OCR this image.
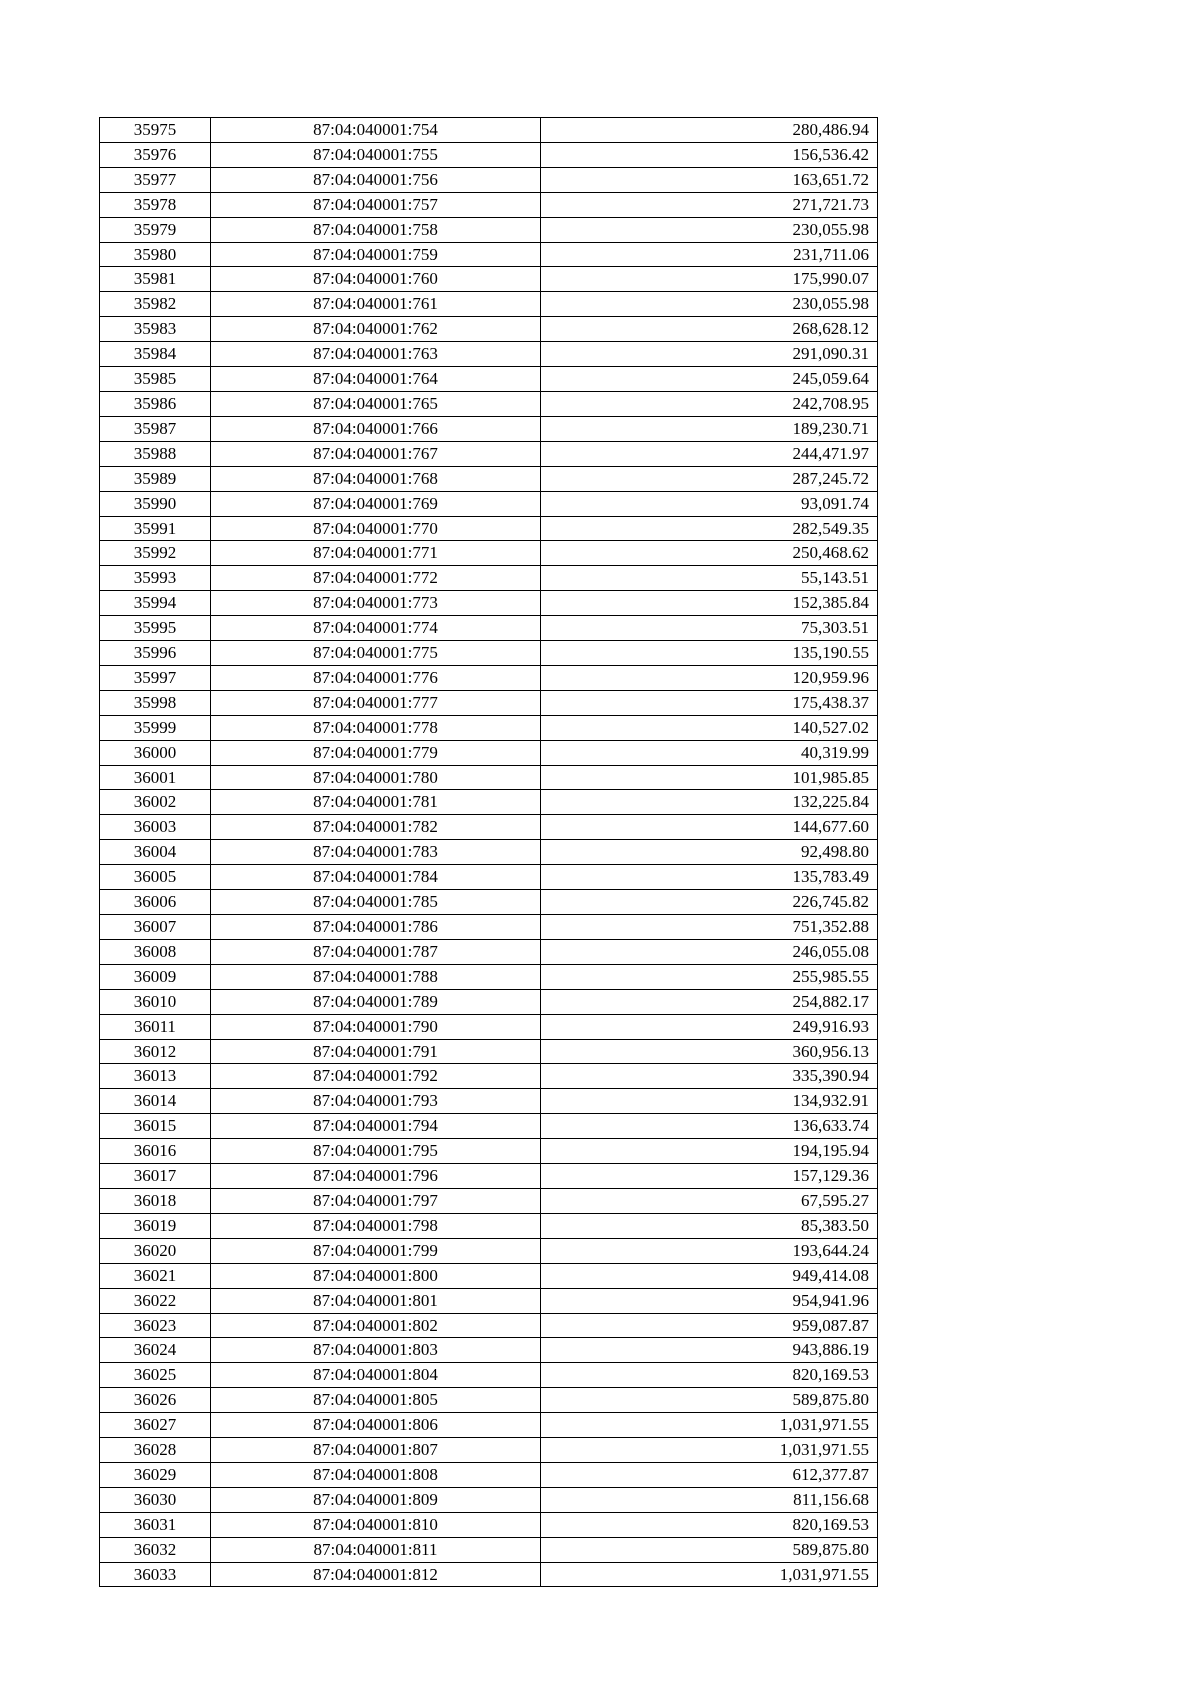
35975	87:04:040001:754	280,486.94
35976	87:04:040001:755	156,536.42
35977	87:04:040001:756	163,651.72
35978	87:04:040001:757	271,721.73
35979	87:04:040001:758	230,055.98
35980	87:04:040001:759	231,711.06
35981	87:04:040001:760	175,990.07
35982	87:04:040001:761	230,055.98
35983	87:04:040001:762	268,628.12
35984	87:04:040001:763	291,090.31
35985	87:04:040001:764	245,059.64
35986	87:04:040001:765	242,708.95
35987	87:04:040001:766	189,230.71
35988	87:04:040001:767	244,471.97
35989	87:04:040001:768	287,245.72
35990	87:04:040001:769	93,091.74
35991	87:04:040001:770	282,549.35
35992	87:04:040001:771	250,468.62
35993	87:04:040001:772	55,143.51
35994	87:04:040001:773	152,385.84
35995	87:04:040001:774	75,303.51
35996	87:04:040001:775	135,190.55
35997	87:04:040001:776	120,959.96
35998	87:04:040001:777	175,438.37
35999	87:04:040001:778	140,527.02
36000	87:04:040001:779	40,319.99
36001	87:04:040001:780	101,985.85
36002	87:04:040001:781	132,225.84
36003	87:04:040001:782	144,677.60
36004	87:04:040001:783	92,498.80
36005	87:04:040001:784	135,783.49
36006	87:04:040001:785	226,745.82
36007	87:04:040001:786	751,352.88
36008	87:04:040001:787	246,055.08
36009	87:04:040001:788	255,985.55
36010	87:04:040001:789	254,882.17
36011	87:04:040001:790	249,916.93
36012	87:04:040001:791	360,956.13
36013	87:04:040001:792	335,390.94
36014	87:04:040001:793	134,932.91
36015	87:04:040001:794	136,633.74
36016	87:04:040001:795	194,195.94
36017	87:04:040001:796	157,129.36
36018	87:04:040001:797	67,595.27
36019	87:04:040001:798	85,383.50
36020	87:04:040001:799	193,644.24
36021	87:04:040001:800	949,414.08
36022	87:04:040001:801	954,941.96
36023	87:04:040001:802	959,087.87
36024	87:04:040001:803	943,886.19
36025	87:04:040001:804	820,169.53
36026	87:04:040001:805	589,875.80
36027	87:04:040001:806	1,031,971.55
36028	87:04:040001:807	1,031,971.55
36029	87:04:040001:808	612,377.87
36030	87:04:040001:809	811,156.68
36031	87:04:040001:810	820,169.53
36032	87:04:040001:811	589,875.80
36033	87:04:040001:812	1,031,971.55
